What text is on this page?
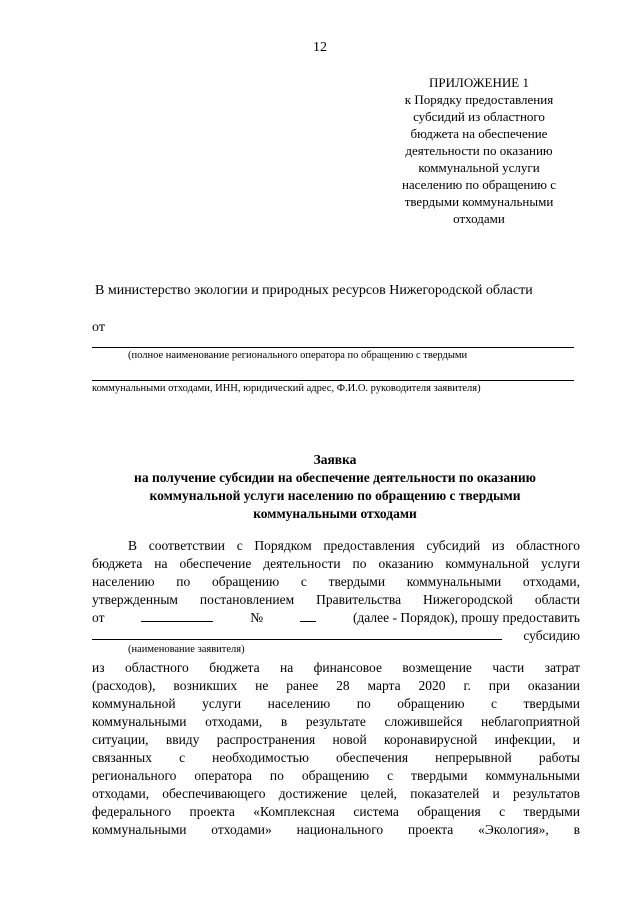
12
ПРИЛОЖЕНИЕ 1
к Порядку предоставления
субсидий из областного
бюджета на обеспечение
деятельности по оказанию
коммунальной услуги
населению по обращению с
твердыми коммунальными
отходами
В министерство экологии и природных ресурсов Нижегородской области
от
(полное наименование регионального оператора по обращению с твердыми
коммунальными отходами, ИНН, юридический адрес, Ф.И.О. руководителя заявителя)
Заявка
на получение субсидии на обеспечение деятельности по оказанию
коммунальной услуги населению по обращению с твердыми
коммунальными отходами
В соответствии с Порядком предоставления субсидий из областного
бюджета на обеспечение деятельности по оказанию коммунальной услуги
населению по обращению с твердыми коммунальными отходами,
утвержденным постановлением Правительства Нижегородской области
от	№	(далее - Порядок), прошу предоставить
субсидию
(наименование заявителя)
из областного бюджета на финансовое возмещение части затрат
(расходов), возникших не ранее 28 марта 2020 г. при оказании
коммунальной услуги населению по обращению с твердыми
коммунальными отходами, в результате сложившейся неблагоприятной
ситуации, ввиду распространения новой коронавирусной инфекции, и
связанных с необходимостью обеспечения непрерывной работы
регионального оператора по обращению с твердыми коммунальными
отходами, обеспечивающего достижение целей, показателей и результатов
федерального проекта «Комплексная система обращения с твердыми
коммунальными отходами» национального проекта «Экология», в
